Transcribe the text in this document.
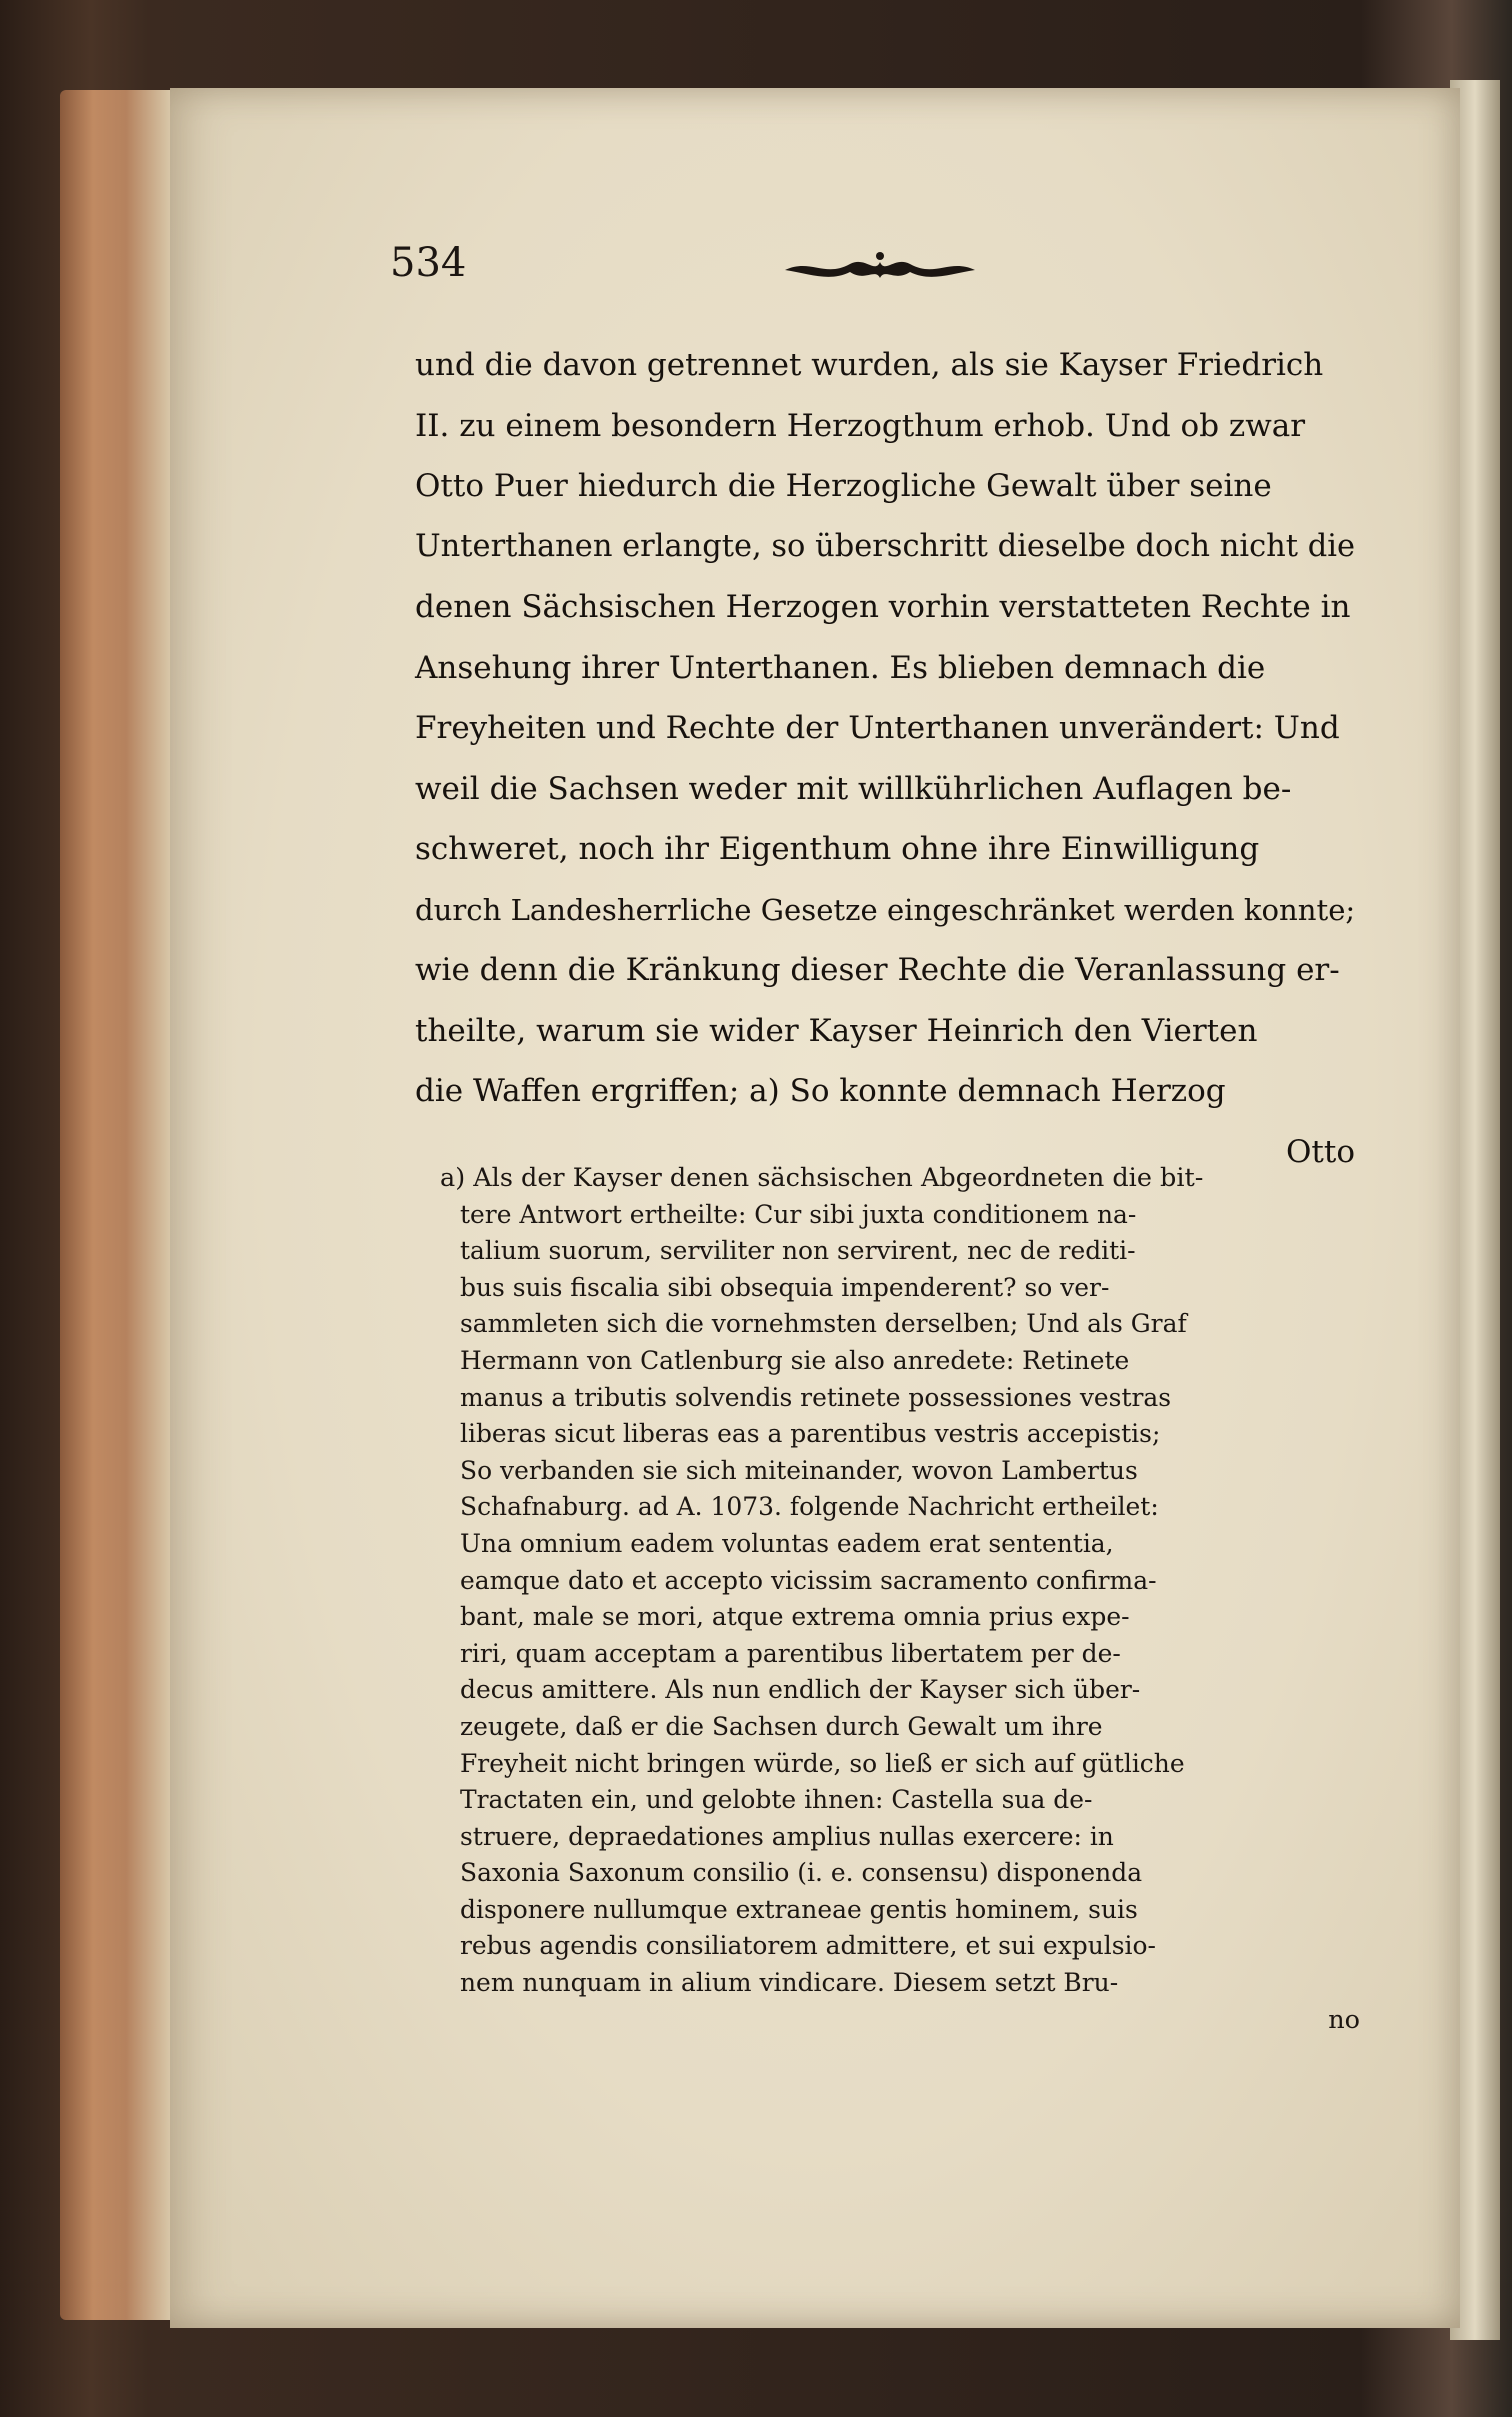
534
und die davon getrennet wurden, als sie Kayser Friedrich
II. zu einem besondern Herzogthum erhob. Und ob zwar
Otto Puer hiedurch die Herzogliche Gewalt über seine
Unterthanen erlangte, so überschritt dieselbe doch nicht die
denen Sächsischen Herzogen vorhin verstatteten Rechte in
Ansehung ihrer Unterthanen. Es blieben demnach die
Freyheiten und Rechte der Unterthanen unverändert: Und
weil die Sachsen weder mit willkührlichen Auflagen be-
schweret, noch ihr Eigenthum ohne ihre Einwilligung
durch Landesherrliche Gesetze eingeschränket werden konnte;
wie denn die Kränkung dieser Rechte die Veranlassung er-
theilte, warum sie wider Kayser Heinrich den Vierten
die Waffen ergriffen; a) So konnte demnach Herzog
Otto
a) Als der Kayser denen sächsischen Abgeordneten die bit-
tere Antwort ertheilte: Cur sibi juxta conditionem na-
talium suorum, serviliter non servirent, nec de rediti-
bus suis fiscalia sibi obsequia impenderent? so ver-
sammleten sich die vornehmsten derselben; Und als Graf
Hermann von Catlenburg sie also anredete: Retinete
manus a tributis solvendis retinete possessiones vestras
liberas sicut liberas eas a parentibus vestris accepistis;
So verbanden sie sich miteinander, wovon Lambertus
Schafnaburg. ad A. 1073. folgende Nachricht ertheilet:
Una omnium eadem voluntas eadem erat sententia,
eamque dato et accepto vicissim sacramento confirma-
bant, male se mori, atque extrema omnia prius expe-
riri, quam acceptam a parentibus libertatem per de-
decus amittere. Als nun endlich der Kayser sich über-
zeugete, daß er die Sachsen durch Gewalt um ihre
Freyheit nicht bringen würde, so ließ er sich auf gütliche
Tractaten ein, und gelobte ihnen: Castella sua de-
struere, depraedationes amplius nullas exercere: in
Saxonia Saxonum consilio (i. e. consensu) disponenda
disponere nullumque extraneae gentis hominem, suis
rebus agendis consiliatorem admittere, et sui expulsio-
nem nunquam in alium vindicare. Diesem setzt Bru-
no
